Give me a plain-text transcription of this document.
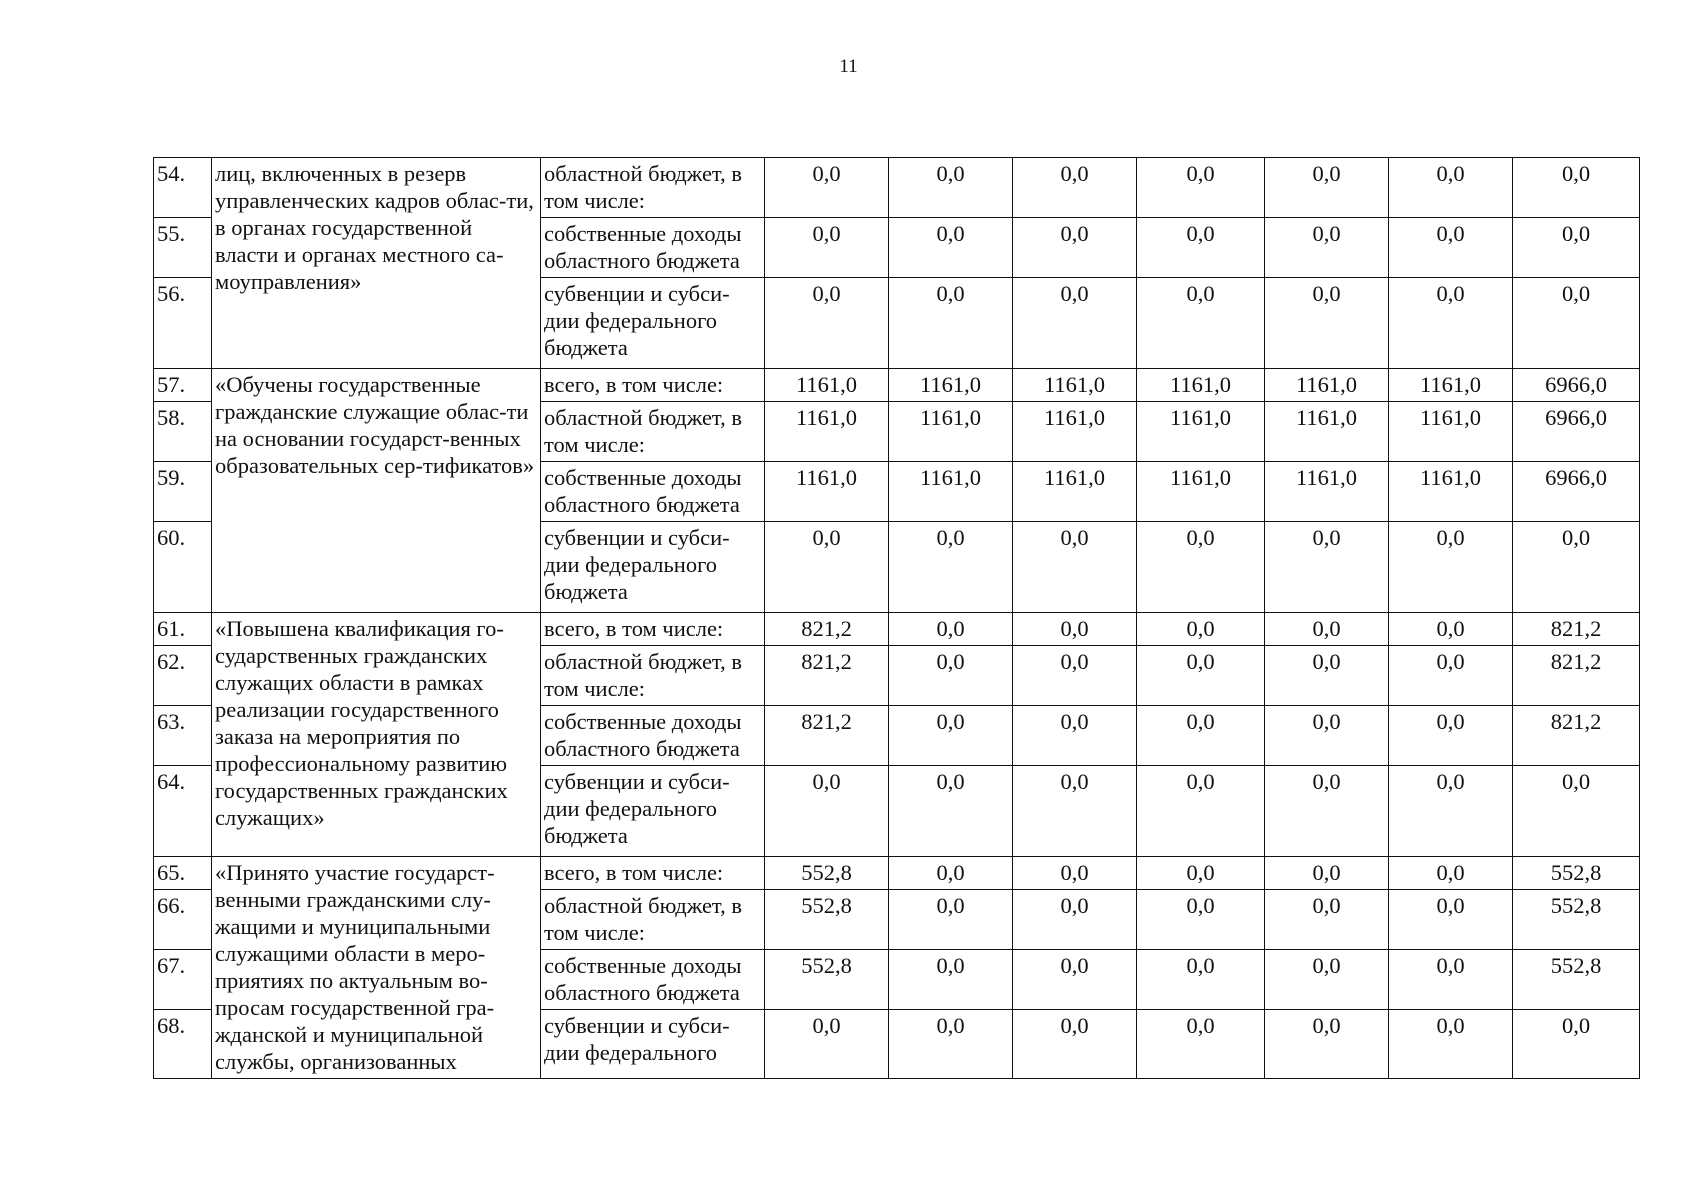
11
54.	лиц, включенных в резерв управленческих кадров облас-ти, в органах государственной власти и органах местного са-моуправления»	областной бюджет, в том числе:	0,0	0,0	0,0	0,0	0,0	0,0	0,0
55.		собственные доходы областного бюджета	0,0	0,0	0,0	0,0	0,0	0,0	0,0
56.		субвенции и субси-дии федерального бюджета	0,0	0,0	0,0	0,0	0,0	0,0	0,0
57.	«Обучены государственные гражданские служащие облас-ти на основании государст-венных образовательных сер-тификатов»	всего, в том числе:	1161,0	1161,0	1161,0	1161,0	1161,0	1161,0	6966,0
58.		областной бюджет, в том числе:	1161,0	1161,0	1161,0	1161,0	1161,0	1161,0	6966,0
59.		собственные доходы областного бюджета	1161,0	1161,0	1161,0	1161,0	1161,0	1161,0	6966,0
60.		субвенции и субси-дии федерального бюджета	0,0	0,0	0,0	0,0	0,0	0,0	0,0
61.	«Повышена квалификация го-сударственных гражданских служащих области в рамках реализации государственного заказа на мероприятия по профессиональному развитию государственных гражданских служащих»	всего, в том числе:	821,2	0,0	0,0	0,0	0,0	0,0	821,2
62.		областной бюджет, в том числе:	821,2	0,0	0,0	0,0	0,0	0,0	821,2
63.		собственные доходы областного бюджета	821,2	0,0	0,0	0,0	0,0	0,0	821,2
64.		субвенции и субси-дии федерального бюджета	0,0	0,0	0,0	0,0	0,0	0,0	0,0
65.	«Принято участие государст-венными гражданскими слу-жащими и муниципальными служащими области в меро-приятиях по актуальным во-просам государственной гра-жданской и муниципальной службы, организованных	всего, в том числе:	552,8	0,0	0,0	0,0	0,0	0,0	552,8
66.		областной бюджет, в том числе:	552,8	0,0	0,0	0,0	0,0	0,0	552,8
67.		собственные доходы областного бюджета	552,8	0,0	0,0	0,0	0,0	0,0	552,8
68.		субвенции и субси-дии федерального	0,0	0,0	0,0	0,0	0,0	0,0	0,0
